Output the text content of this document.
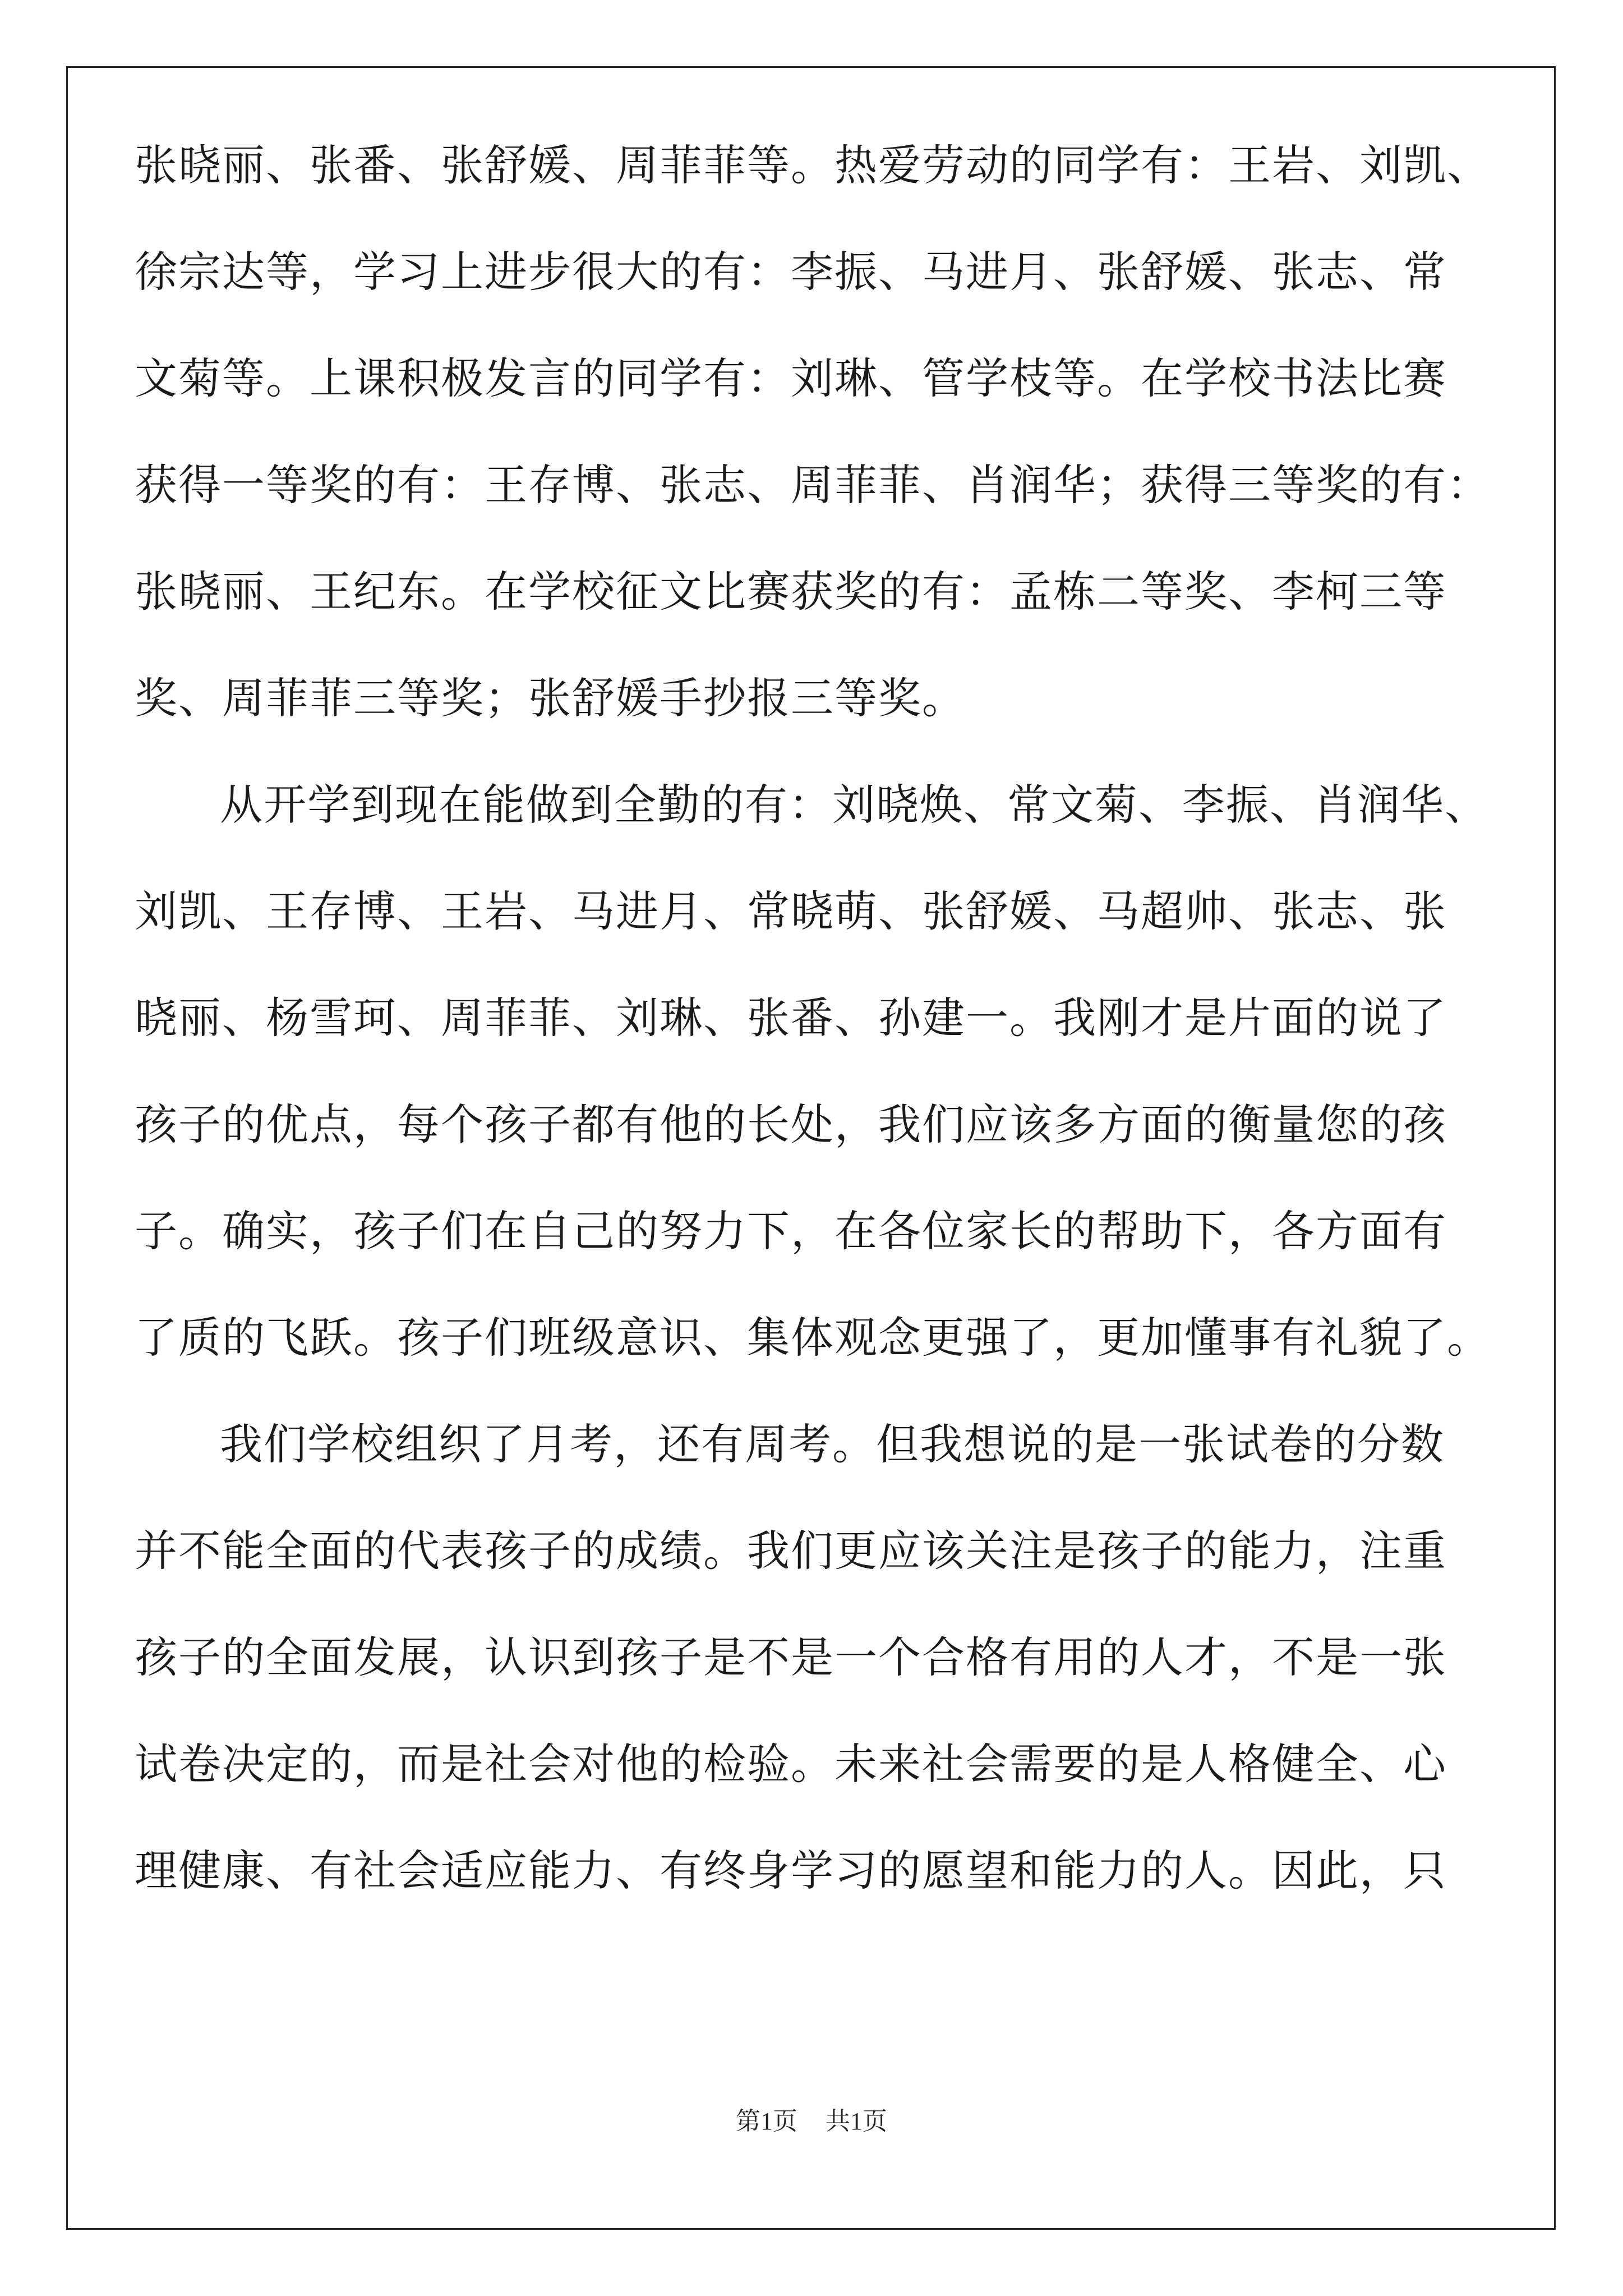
张晓丽、张番、张舒媛、周菲菲等。热爱劳动的同学有：王岩、刘凯、
徐宗达等，学习上进步很大的有：李振、马进月、张舒媛、张志、常
文菊等。上课积极发言的同学有：刘琳、管学枝等。在学校书法比赛
获得一等奖的有：王存博、张志、周菲菲、肖润华；获得三等奖的有：
张晓丽、王纪东。在学校征文比赛获奖的有：孟栋二等奖、李柯三等
奖、周菲菲三等奖；张舒媛手抄报三等奖。
从开学到现在能做到全勤的有：刘晓焕、常文菊、李振、肖润华、
刘凯、王存博、王岩、马进月、常晓萌、张舒媛、马超帅、张志、张
晓丽、杨雪珂、周菲菲、刘琳、张番、孙建一。我刚才是片面的说了
孩子的优点，每个孩子都有他的长处，我们应该多方面的衡量您的孩
子。确实，孩子们在自己的努力下，在各位家长的帮助下，各方面有
了质的飞跃。孩子们班级意识、集体观念更强了，更加懂事有礼貌了。
我们学校组织了月考，还有周考。但我想说的是一张试卷的分数
并不能全面的代表孩子的成绩。我们更应该关注是孩子的能力，注重
孩子的全面发展，认识到孩子是不是一个合格有用的人才，不是一张
试卷决定的，而是社会对他的检验。未来社会需要的是人格健全、心
理健康、有社会适应能力、有终身学习的愿望和能力的人。因此，只
第1页 共1页
